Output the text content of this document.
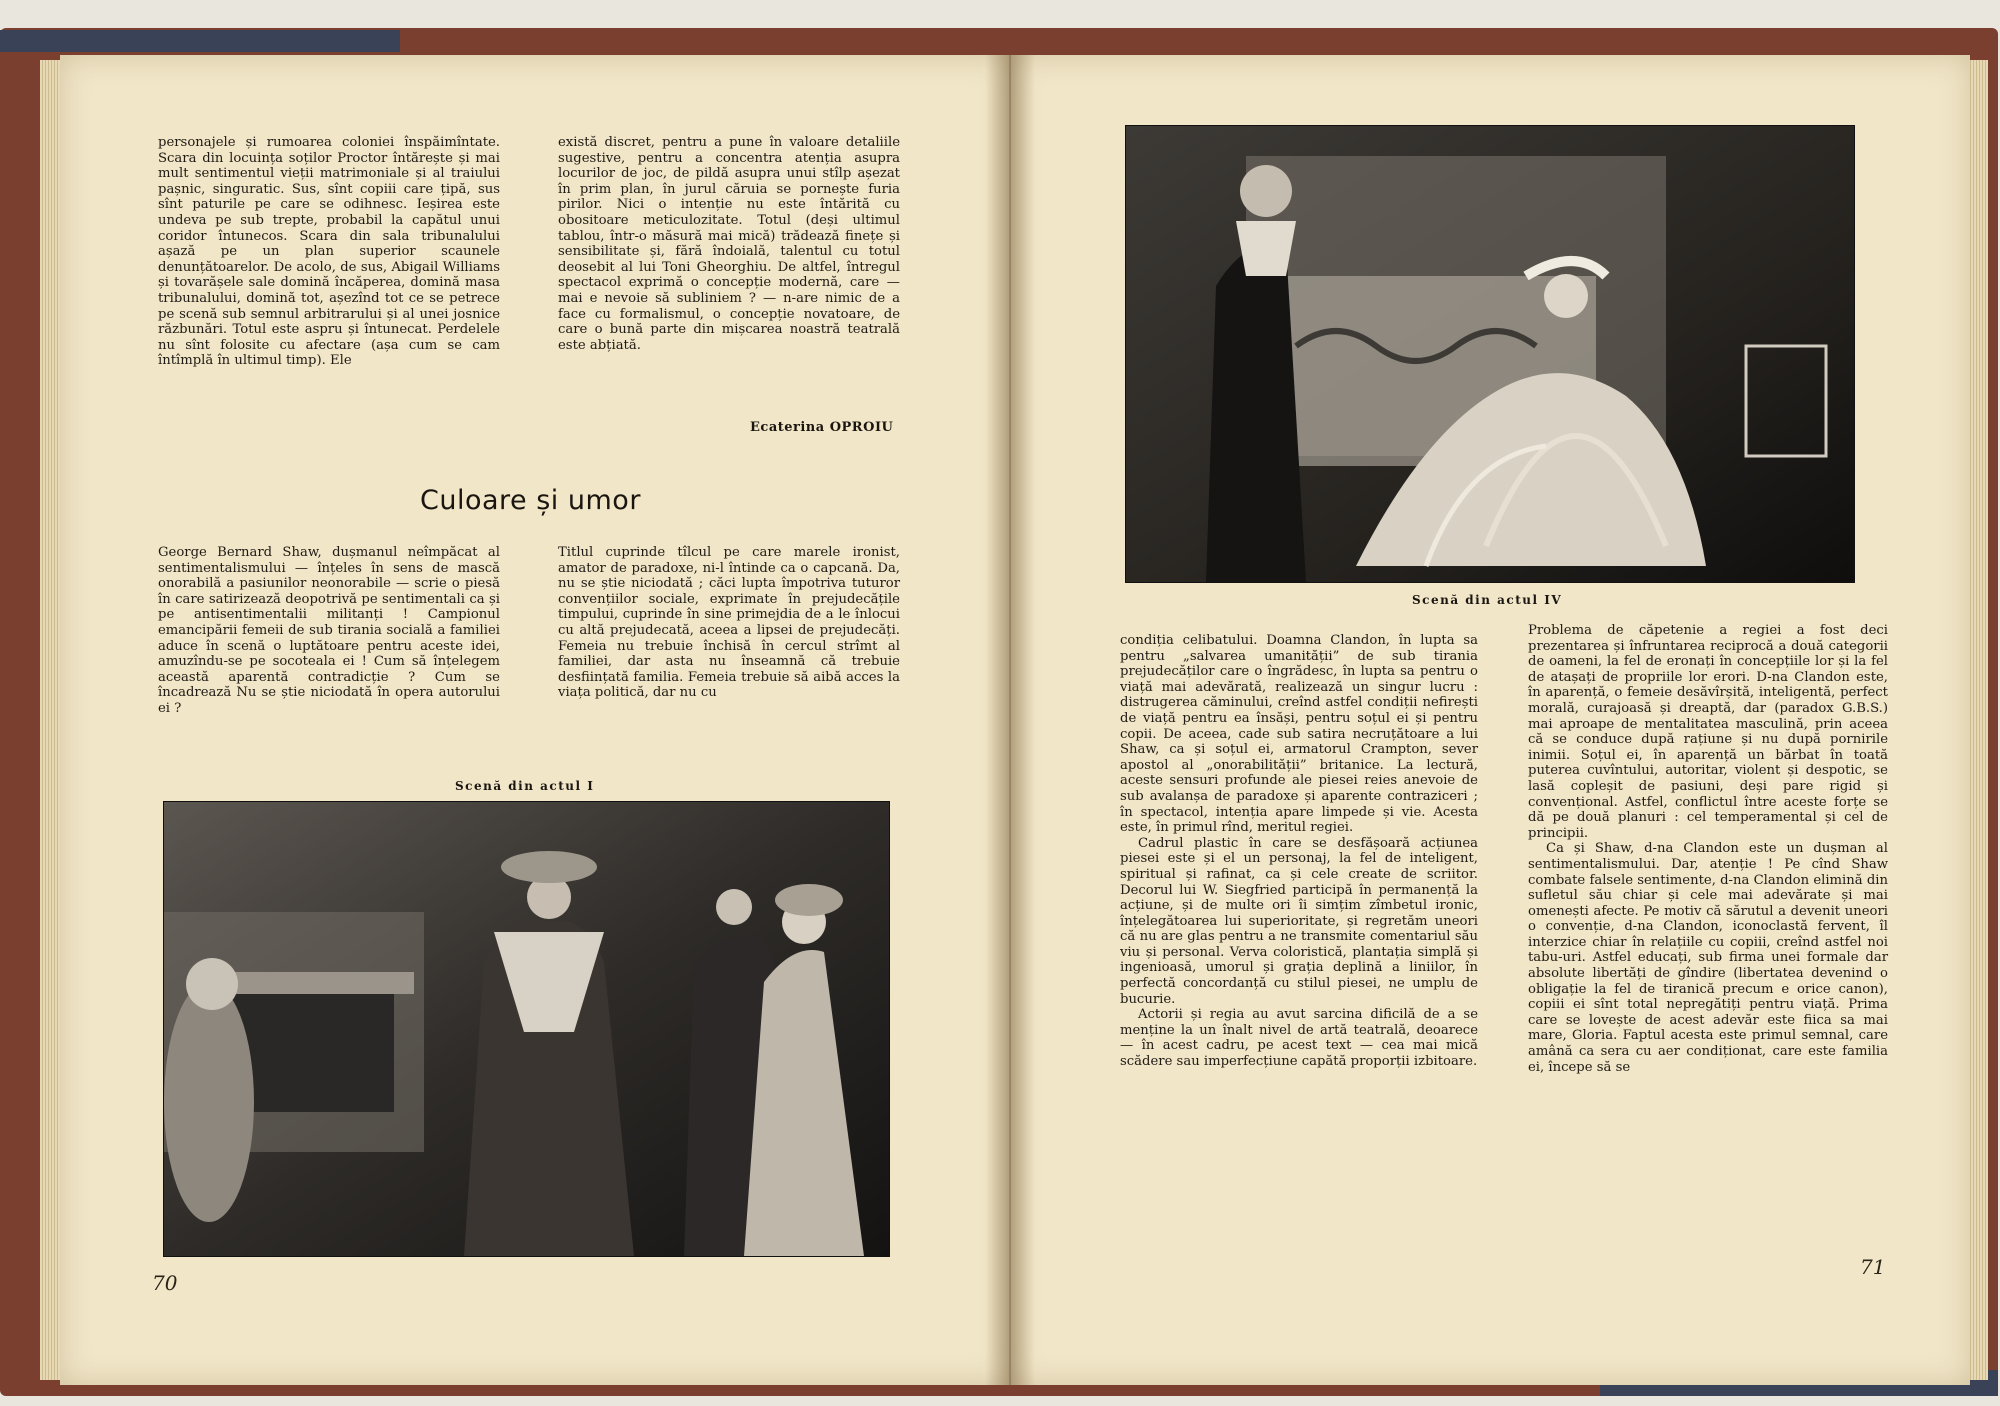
personajele și rumoarea coloniei înspăimîntate. Scara din locuința soților Proctor întărește și mai mult sentimentul vieții matrimoniale și al traiului pașnic, singuratic. Sus, sînt copiii care țipă, sus sînt paturile pe care se odihnesc. Ieșirea este undeva pe sub trepte, probabil la capătul unui coridor întunecos. Scara din sala tribunalului așază pe un plan superior scaunele denunțătoarelor. De acolo, de sus, Abigail Williams și tovarășele sale domină încăperea, domină masa tribunalului, domină tot, așezînd tot ce se petrece pe scenă sub semnul arbitrarului și al unei josnice răzbunări. Totul este aspru și întunecat. Perdelele nu sînt folosite cu afectare (așa cum se cam întîmplă în ultimul timp). Ele
există discret, pentru a pune în valoare detaliile sugestive, pentru a concentra atenția asupra locurilor de joc, de pildă asupra unui stîlp așezat în prim plan, în jurul căruia se pornește furia pirilor. Nici o intenție nu este întărită cu obositoare meticulozitate. Totul (deși ultimul tablou, într-o măsură mai mică) trădează finețe și sensibilitate și, fără îndoială, talentul cu totul deosebit al lui Toni Gheorghiu. De altfel, întregul spectacol exprimă o concepție modernă, care — mai e nevoie să subliniem ? — n-are nimic de a face cu formalismul, o concepție novatoare, de care o bună parte din mișcarea noastră teatrală este abțiată.
Ecaterina OPROIU
Culoare și umor
George Bernard Shaw, dușmanul neîmpăcat al sentimentalismului — înțeles în sens de mască onorabilă a pasiunilor neonorabile — scrie o piesă în care satirizează deopotrivă pe sentimentali ca și pe antisentimentalii militanți ! Campionul emancipării femeii de sub tirania socială a familiei aduce în scenă o luptătoare pentru aceste idei, amuzîndu-se pe socoteala ei ! Cum să înțelegem această aparentă contradicție ? Cum se încadrează Nu se știe niciodată în opera autorului ei ?
Titlul cuprinde tîlcul pe care marele ironist, amator de paradoxe, ni-l întinde ca o capcană. Da, nu se știe niciodată ; căci lupta împotriva tuturor convențiilor sociale, exprimate în prejudecățile timpului, cuprinde în sine primejdia de a le înlocui cu altă prejudecată, aceea a lipsei de prejudecăți. Femeia nu trebuie închisă în cercul strîmt al familiei, dar asta nu înseamnă că trebuie desființată familia. Femeia trebuie să aibă acces la viața politică, dar nu cu
Scenă din actul I
70
Scenă din actul IV

condiția celibatului. Doamna Clandon, în lupta sa pentru „salvarea umanității” de sub tirania prejudecăților care o îngrădesc, în lupta sa pentru o viață mai adevărată, realizează un singur lucru : distrugerea căminului, creînd astfel condiții nefirești de viață pentru ea însăși, pentru soțul ei și pentru copii. De aceea, cade sub satira necruțătoare a lui Shaw, ca și soțul ei, armatorul Crampton, sever apostol al „onorabilității” britanice. La lectură, aceste sensuri profunde ale piesei reies anevoie de sub avalanșa de paradoxe și aparente contraziceri ; în spectacol, intenția apare limpede și vie. Acesta este, în primul rînd, meritul regiei.

Cadrul plastic în care se desfășoară acțiunea piesei este și el un personaj, la fel de inteligent, spiritual și rafinat, ca și cele create de scriitor. Decorul lui W. Siegfried participă în permanență la acțiune, și de multe ori îi simțim zîmbetul ironic, înțelegătoarea lui superioritate, și regretăm uneori că nu are glas pentru a ne transmite comentariul său viu și personal. Verva coloristică, plantația simplă și ingenioasă, umorul și grația deplină a liniilor, în perfectă concordanță cu stilul piesei, ne umplu de bucurie.

Actorii și regia au avut sarcina dificilă de a se menține la un înalt nivel de artă teatrală, deoarece — în acest cadru, pe acest text — cea mai mică scădere sau imperfecțiune capătă proporții izbitoare.

Problema de căpetenie a regiei a fost deci prezentarea și înfruntarea reciprocă a două categorii de oameni, la fel de eronați în concepțiile lor și la fel de atașați de propriile lor erori. D-na Clandon este, în aparență, o femeie desăvîrșită, inteligentă, perfect morală, curajoasă și dreaptă, dar (paradox G.B.S.) mai aproape de mentalitatea masculină, prin aceea că se conduce după rațiune și nu după pornirile inimii. Soțul ei, în aparență un bărbat în toată puterea cuvîntului, autoritar, violent și despotic, se lasă copleșit de pasiuni, deși pare rigid și convențional. Astfel, conflictul între aceste forțe se dă pe două planuri : cel temperamental și cel de principii.

Ca și Shaw, d-na Clandon este un dușman al sentimentalismului. Dar, atenție ! Pe cînd Shaw combate falsele sentimente, d-na Clandon elimină din sufletul său chiar și cele mai adevărate și mai omenești afecte. Pe motiv că sărutul a devenit uneori o convenție, d-na Clandon, iconoclastă fervent, îl interzice chiar în relațiile cu copiii, creînd astfel noi tabu-uri. Astfel educați, sub firma unei formale dar absolute libertăți de gîndire (libertatea devenind o obligație la fel de tiranică precum e orice canon), copiii ei sînt total nepregătiți pentru viață. Prima care se lovește de acest adevăr este fiica sa mai mare, Gloria. Faptul acesta este primul semnal, care amână ca sera cu aer condiționat, care este familia ei, începe să se

71
